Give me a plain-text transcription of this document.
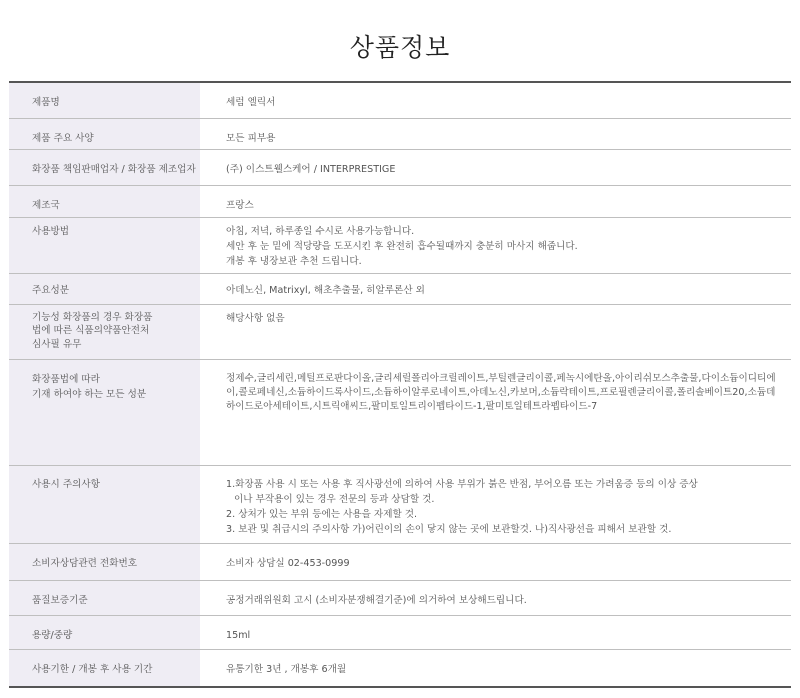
상품정보
제품명	세럼 엘릭서

제품 주요 사양	모든 피부용

화장품 책임판매업자 / 화장품 제조업자	(주) 이스트웰스케어 / INTERPRESTIGE

제조국	프랑스

사용방법	아침, 저녁, 하루종일 수시로 사용가능합니다.
세안 후 눈 밑에 적당량을 도포시킨 후 완전히 흡수될때까지 충분히 마사지 해줍니다.
개봉 후 냉장보관 추천 드립니다.

주요성분	아데노신, Matrixyl, 해초추출물, 히알루론산 외

기능성 화장품의 경우 화장품
법에 따른 식품의약품안전처
심사필 유무	해당사항 없음

화장품법에 따라
기재 하여야 하는 모든 성분	정제수,글리세린,메틸프로판다이올,글리세릴폴리아크릴레이트,부틸렌글리이콜,페녹시에탄올,아이리쉬모스추출물,다이소듐이디티에이,콜로페네신,소듐하이드록사이드,소듐하이알루로네이트,아데노신,카보머,소듐락테이트,프로필렌글리이콜,폴리솔베이트20,소듐데하이드로아세테이트,시트릭애씨드,팔미토일트리이펩타이드-1,팔미토일테트라펩타이드-7

사용시 주의사항	1.화장품 사용 시 또는 사용 후 직사광선에 의하여 사용 부위가 붉은 반점, 부어오름 또는 가려움증 등의 이상 증상
이나 부작용이 있는 경우 전문의 등과 상담할 것.
2. 상처가 있는 부위 등에는 사용을 자제할 것.
3. 보관 및 취급시의 주의사항 가)어린이의 손이 닿지 않는 곳에 보관할것. 나)직사광선을 피해서 보관할 것.

소비자상담관련 전화번호	소비자 상담실 02-453-0999

품질보증기준	공정거래위원회 고시 (소비자분쟁해결기준)에 의거하여 보상해드립니다.

용량/중량	15ml

사용기한 / 개봉 후 사용 기간	유통기한 3년 , 개봉후 6개월
